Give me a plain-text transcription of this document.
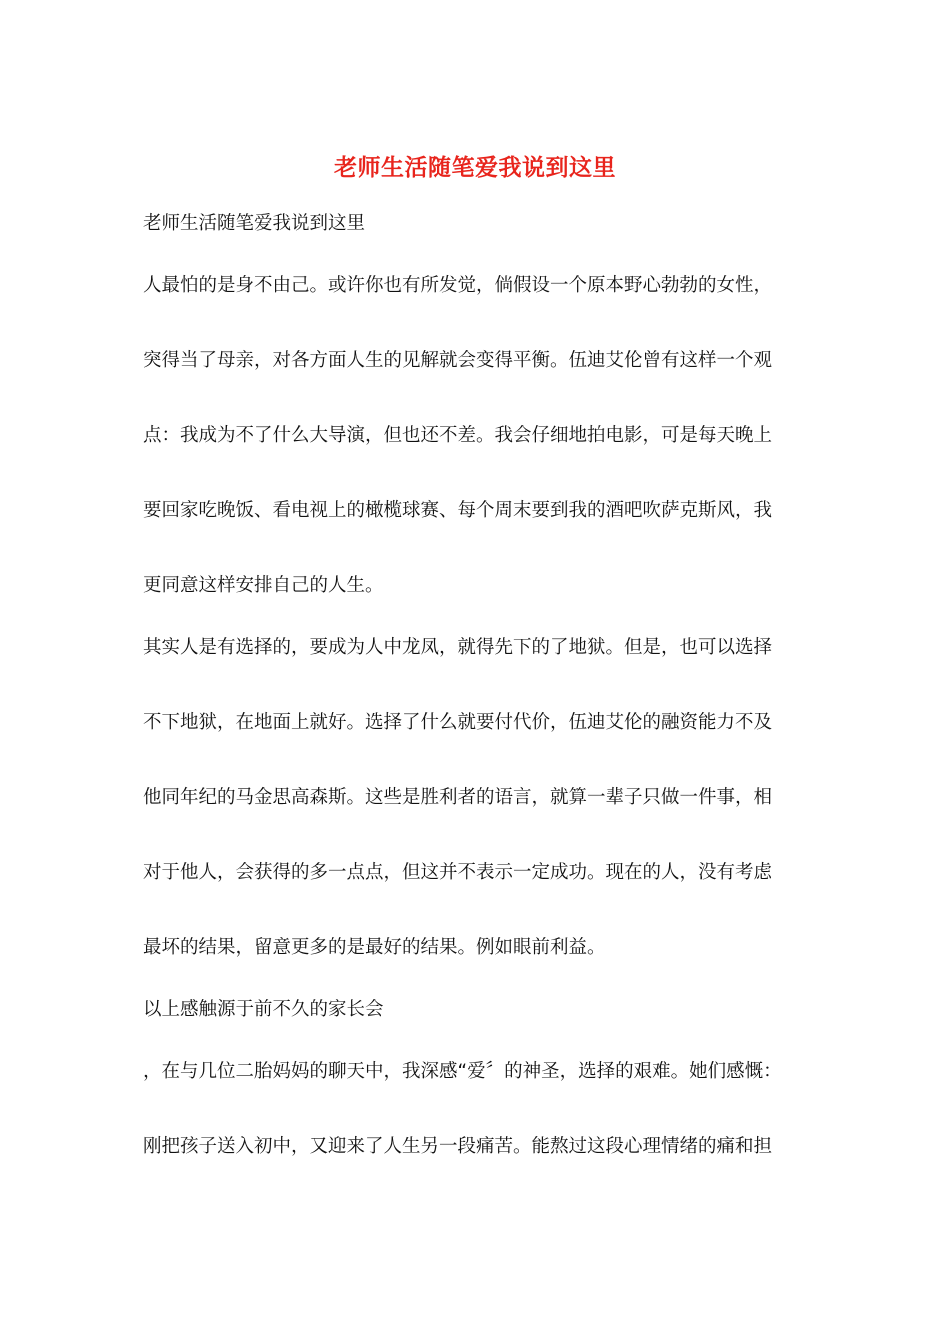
老师生活随笔爱我说到这里
老师生活随笔爱我说到这里
人最怕的是身不由己。或许你也有所发觉，倘假设一个原本野心勃勃的女性，
突得当了母亲，对各方面人生的见解就会变得平衡。伍迪艾伦曾有这样一个观
点：我成为不了什么大导演，但也还不差。我会仔细地拍电影，可是每天晚上
要回家吃晚饭、看电视上的橄榄球赛、每个周末要到我的酒吧吹萨克斯风，我
更同意这样安排自己的人生。
其实人是有选择的，要成为人中龙凤，就得先下的了地狱。但是，也可以选择
不下地狱，在地面上就好。选择了什么就要付代价，伍迪艾伦的融资能力不及
他同年纪的马金思高森斯。这些是胜利者的语言，就算一辈子只做一件事，相
对于他人，会获得的多一点点，但这并不表示一定成功。现在的人，没有考虑
最坏的结果，留意更多的是最好的结果。例如眼前利益。
以上感触源于前不久的家长会
，在与几位二胎妈妈的聊天中，我深感“爱〞的神圣，选择的艰难。她们感慨：
刚把孩子送入初中，又迎来了人生另一段痛苦。能熬过这段心理情绪的痛和担
